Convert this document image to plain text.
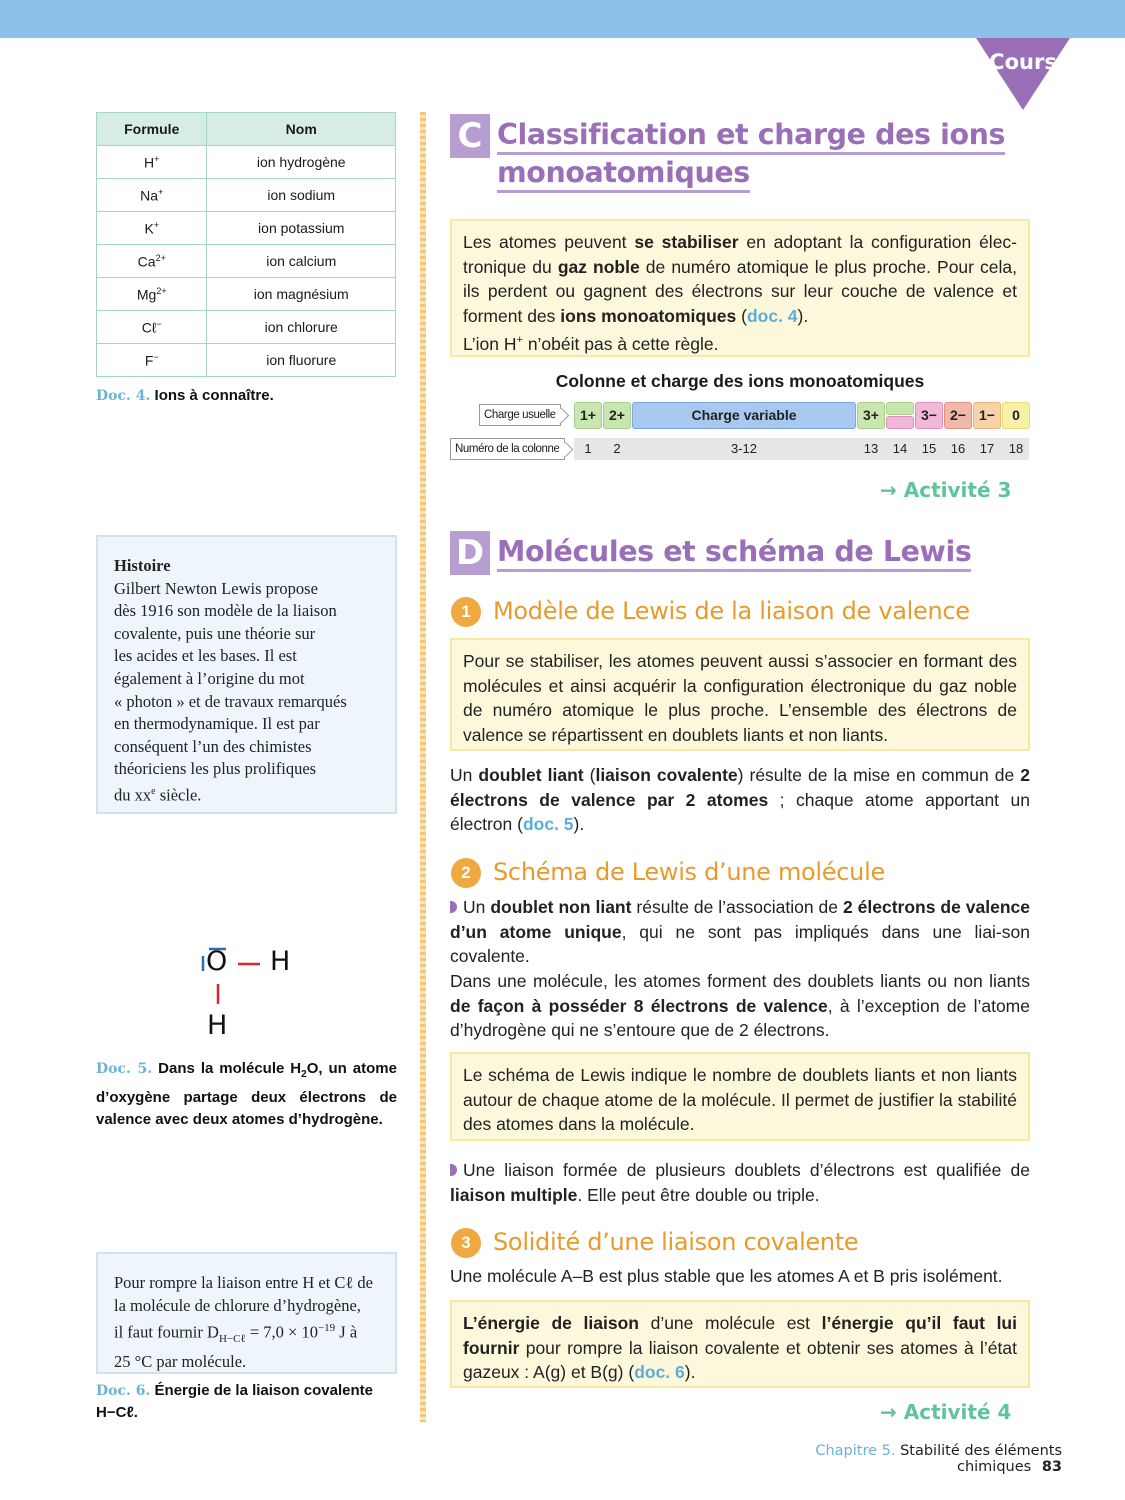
Cours
Formule	Nom
H+	ion hydrogène
Na+	ion sodium
K+	ion potassium
$Ca^{2+}$	ion calcium
$Mg^{2+}$	ion magnésium
Cℓ−	ion chlorure
F−	ion fluorure
Doc. 4. Ions à connaître.
Histoire
Gilbert Newton Lewis propose
dès 1916 son modèle de la liaison
covalente, puis une théorie sur
les acides et les bases. Il est
également à l’origine du mot
« photon » et de travaux remarqués
en thermodynamique. Il est par
conséquent l’un des chimistes
théoriciens les plus prolifiques
du $xx^e$ siècle.
O H
H
Doc. 5. Dans la molécule $H_2O$, un atome d’oxygène partage deux électrons de valence avec deux atomes d’hydrogène.
Pour rompre la liaison entre H et Cℓ de
la molécule de chlorure d’hydrogène,
il faut fournir $D_{H-C\ell} = 7,0 \times 10^{-19}$ J à
25 °C par molécule.
Doc. 6. Énergie de la liaison covalente
H−Cℓ.
C Classification et charge des ions
monoatomiques
Les atomes peuvent se stabiliser en adoptant la configuration élec-tronique du gaz noble de numéro atomique le plus proche. Pour cela, ils perdent ou gagnent des électrons sur leur couche de valence et forment des ions monoatomiques (doc. 4).
L’ion H+ n’obéit pas à cette règle.
Colonne et charge des ions monoatomiques
Charge usuelle
Numéro de la colonne
1+ 2+	Charge variable	3+	3− 2− 1−	0
1	2	3-12	13	14	15	16	17	18
→ Activité 3
D Molécules et schéma de Lewis
1 Modèle de Lewis de la liaison de valence
Pour se stabiliser, les atomes peuvent aussi s’associer en formant des molécules et ainsi acquérir la configuration électronique du gaz noble de numéro atomique le plus proche. L’ensemble des électrons de valence se répartissent en doublets liants et non liants.
Un doublet liant (liaison covalente) résulte de la mise en commun de 2 électrons de valence par 2 atomes ; chaque atome apportant un électron (doc. 5).
2 Schéma de Lewis d’une molécule
Un doublet non liant résulte de l’association de 2 électrons de valence d’un atome unique, qui ne sont pas impliqués dans une liai-son covalente.
Dans une molécule, les atomes forment des doublets liants ou non liants de façon à posséder 8 électrons de valence, à l’exception de l’atome d’hydrogène qui ne s’entoure que de 2 électrons.
Le schéma de Lewis indique le nombre de doublets liants et non liants autour de chaque atome de la molécule. Il permet de justifier la stabilité des atomes dans la molécule.
Une liaison formée de plusieurs doublets d’électrons est qualifiée de liaison multiple. Elle peut être double ou triple.
3 Solidité d’une liaison covalente
Une molécule A–B est plus stable que les atomes A et B pris isolément.
L’énergie de liaison d’une molécule est l’énergie qu’il faut lui fournir pour rompre la liaison covalente et obtenir ses atomes à l’état gazeux : A(g) et B(g) (doc. 6).
→ Activité 4
Chapitre 5. Stabilité des éléments chimiques 83
